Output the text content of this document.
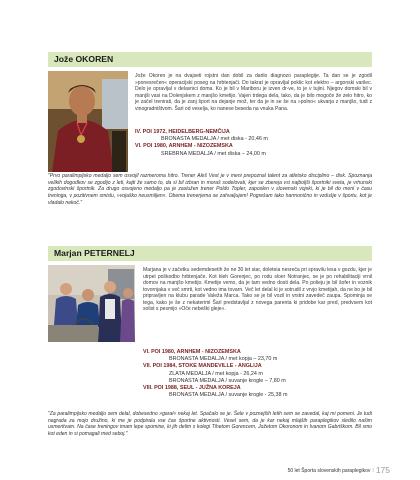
Jože OKOREN

Jože Okoren je na dvajseti rojstni dan dobil za darilo diagnozo paraplegije. Ta dan se je zgodil »ponesrečen« operacijski poseg na hrbtenjači. Do takrat je opravljal poklic kot elektro – argonski varilec. Delo je opravljal v delavnici doma. Ko je bil v Mariboru je izven dr-ve, to je v tujini. Njegov domski bil v manjši vasi na Dolenjskem z manjšo kmetijo. Vajen trdega dela, tako, da je bilo mogoče že zelo hitro, ko je začel trenirati, da je zanj šport na dejanje mož, ter da je in se še na »polno« ukvarja z manjšo, tudi z vinogradništvom. Šari od veselja, ko nanese beseda na vnuka Pana.

IV. POI 1972, HEIDELBERG-NEMČIJA
BRONASTA MEDALJA / met diska - 20,46 m
VI. POI 1980, ARNHEM - NIZOZEMSKA
SREBRNA MEDALJA / met diska – 24,00 m

"Prvo paralimpijsko medaljo sem osvojil razmeroma hitro. Trener Aleš Vest je v meni prepoznal talent za atletsko disciplino – disk. Spoznanja velikih dogodkov se zgodijo z leti, kajti že samo to, da si bil izbran in moraš sodelovati, kjer se zbereja vsi najboljši športniki sveta, je vrhunski zgodovinski športnik. Za drugo osvojeno medaljo pa je zaslužen trener Poldo Topler, zaposlen v slovenski vojski, ki je bil do meni v času treninga, v pozitivnem smislu, »vojaško neusmiljen«. Obema trenerjema se zahvaljujem! Pogrešam tako harmonično in vzdušje v športu, kot je vladalo nekoč."

Marjan PETERNELJ

Marjana je v začetku sedemdesetih že ne 30 let star, doleteia nesreča pri spravilu lesa v gozdu, kjer je utrpel poškodbo hrbtenjače. Kot kleh Gorenjec, po rodu sloer Notranjec, se je po rehabilitaciji vrnil domov na manjšo kmetijo. Kmetije vemo, da je tam vedno dosti dela. Po polieju je bil šofer in voznik tovornjaka v več smrti, kot vedno ima tovarn. Več let delal ki je sotrudil z vrvjo kmetijah, da ne bo je bil pripravljen na klubu parade Valeža Marca. Tako se je bil vozil in vrstni zavedeč zaupa. Spominja se tega, kako je še z nekaterimi Šarl predstavljal z novega parenta ki pridobe kar pred, predvsem kot solist s pesmijo »Oče nebeški gleje«.

VI. POI 1980, ARNHEM - NIZOZEMSKA
BRONASTA MEDALJA / met kopja – 23,70 m
VII. POI 1984, STOKE MANDEVILLE - ANGLIJA
ZLATA MEDALJA / met kopja - 26,24 m
BRONASTA MEDALJA / suvanje krogle – 7,80 m
VIII. POI 1988, SEUL - JUŽNA KOREJA
BRONASTA MEDALJA / suvanje krogle - 25,38 m

"Za paralimpijsko medaljo sem delal, dobesedno »garal« nekaj let. Spačalo se je. Šele v poznejših letih sem se zavedal, kaj mi pomeni. Je tudi nagrada za mojo družino, ki me je podpirala vse čas športne aktivnosti. Vesel sem, da je kar nekaj mlajših paraplegikov sledilo našim usmeritvam. Na čase treningov imam lepe spomine, ki jih delim s kolegi Tihetom Gorencem, Jožetom Okoronom in Ivanom Gabriškom. Bil smo kot eden in si pomagali med seboj."

50 let Športa slovenskih paraplegikov I 175
